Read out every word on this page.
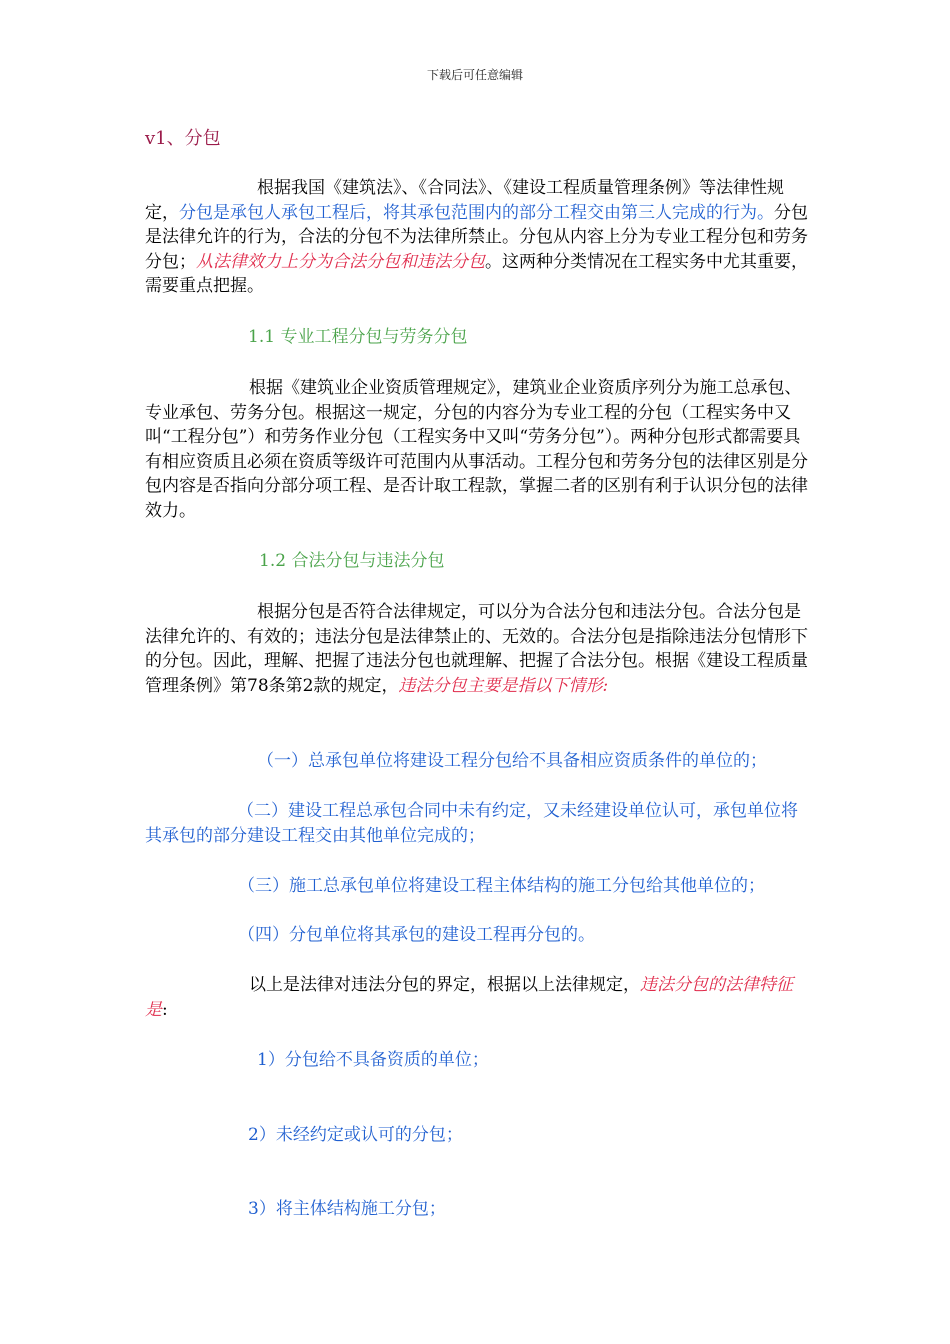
下载后可任意编辑
v1、分包
根据我国《建筑法》、《合同法》、《建设工程质量管理条例》等法律性规定，分包是承包人承包工程后，将其承包范围内的部分工程交由第三人完成的行为。分包是法律允许的行为，合法的分包不为法律所禁止。分包从内容上分为专业工程分包和劳务分包；从法律效力上分为合法分包和违法分包。这两种分类情况在工程实务中尤其重要，需要重点把握。
1.1 专业工程分包与劳务分包
根据《建筑业企业资质管理规定》，建筑业企业资质序列分为施工总承包、专业承包、劳务分包。根据这一规定，分包的内容分为专业工程的分包（工程实务中又叫“工程分包”）和劳务作业分包（工程实务中又叫“劳务分包”）。两种分包形式都需要具有相应资质且必须在资质等级许可范围内从事活动。工程分包和劳务分包的法律区别是分包内容是否指向分部分项工程、是否计取工程款，掌握二者的区别有利于认识分包的法律效力。
1.2 合法分包与违法分包
根据分包是否符合法律规定，可以分为合法分包和违法分包。合法分包是法律允许的、有效的；违法分包是法律禁止的、无效的。合法分包是指除违法分包情形下的分包。因此，理解、把握了违法分包也就理解、把握了合法分包。根据《建设工程质量管理条例》第78条第2款的规定，违法分包主要是指以下情形:
（一）总承包单位将建设工程分包给不具备相应资质条件的单位的；
（二）建设工程总承包合同中未有约定，又未经建设单位认可，承包单位将其承包的部分建设工程交由其他单位完成的；
（三）施工总承包单位将建设工程主体结构的施工分包给其他单位的；
（四）分包单位将其承包的建设工程再分包的。
以上是法律对违法分包的界定，根据以上法律规定，违法分包的法律特征是:
1）分包给不具备资质的单位；
2）未经约定或认可的分包；
3）将主体结构施工分包；
